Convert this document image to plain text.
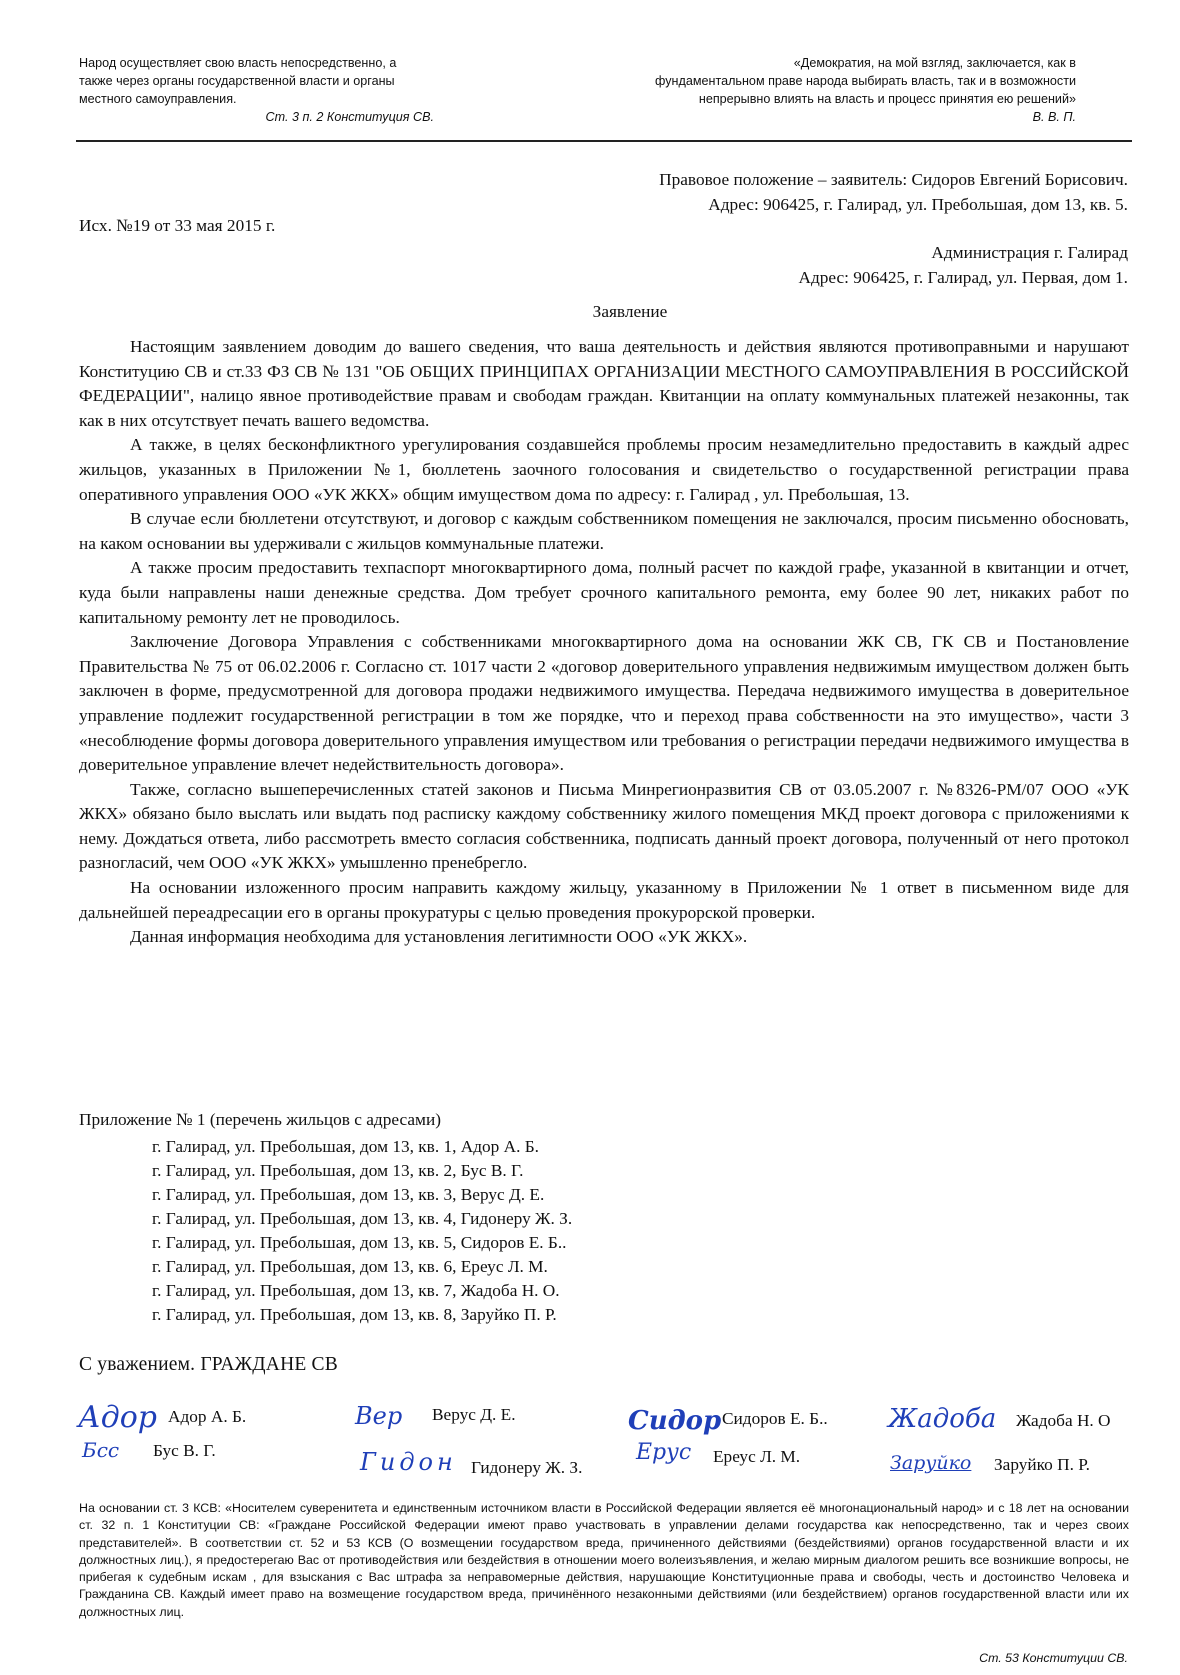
Народ осуществляет свою власть непосредственно, а
также через органы государственной власти и органы
местного самоуправления.
Ст. 3 п. 2 Конституция СВ.
«Демократия, на мой взгляд, заключается, как в
фундаментальном праве народа выбирать власть, так и в возможности
непрерывно влиять на власть и процесс принятия ею решений»
В. В. П.
Правовое положение – заявитель: Сидоров Евгений Борисович.
Адрес: 906425, г. Галирад, ул. Пребольшая, дом 13, кв. 5.
Исх. №19 от 33 мая 2015 г.
Администрация г. Галирад
Адрес: 906425, г. Галирад, ул. Первая, дом 1.
Заявление

Настоящим заявлением доводим до вашего сведения, что ваша деятельность и действия являются противоправными и нарушают Конституцию СВ и ст.33 ФЗ СВ № 131 "ОБ ОБЩИХ ПРИНЦИПАХ ОРГАНИЗАЦИИ МЕСТНОГО САМОУПРАВЛЕНИЯ В РОССИЙСКОЙ ФЕДЕРАЦИИ", налицо явное противодействие правам и свободам граждан. Квитанции на оплату коммунальных платежей незаконны, так как в них отсутствует печать вашего ведомства.

А также, в целях бесконфликтного урегулирования создавшейся проблемы просим незамедлительно предоставить в каждый адрес жильцов, указанных в Приложении №1, бюллетень заочного голосования и свидетельство о государственной регистрации права оперативного управления ООО «УК ЖКХ» общим имуществом дома по адресу: г. Галирад , ул. Пребольшая, 13.

В случае если бюллетени отсутствуют, и договор с каждым собственником помещения не заключался, просим письменно обосновать, на каком основании вы удерживали с жильцов коммунальные платежи.

А также просим предоставить техпаспорт многоквартирного дома, полный расчет по каждой графе, указанной в квитанции и отчет, куда были направлены наши денежные средства. Дом требует срочного капитального ремонта, ему более 90 лет, никаких работ по капитальному ремонту лет не проводилось.

Заключение Договора Управления с собственниками многоквартирного дома на основании ЖК СВ, ГК СВ и Постановление Правительства № 75 от 06.02.2006 г. Согласно ст. 1017 части 2 «договор доверительного управления недвижимым имуществом должен быть заключен в форме, предусмотренной для договора продажи недвижимого имущества. Передача недвижимого имущества в доверительное управление подлежит государственной регистрации в том же порядке, что и переход права собственности на это имущество», части 3 «несоблюдение формы договора доверительного управления имуществом или требования о регистрации передачи недвижимого имущества в доверительное управление влечет недействительность договора».

Также, согласно вышеперечисленных статей законов и Письма Минрегионразвития СВ от 03.05.2007 г. №8326-РМ/07 ООО «УК ЖКХ» обязано было выслать или выдать под расписку каждому собственнику жилого помещения МКД проект договора с приложениями к нему. Дождаться ответа, либо рассмотреть вместо согласия собственника, подписать данный проект договора, полученный от него протокол разногласий, чем ООО «УК ЖКХ» умышленно пренебрегло.

На основании изложенного просим направить каждому жильцу, указанному в Приложении № 1 ответ в письменном виде для дальнейшей переадресации его в органы прокуратуры с целью проведения прокурорской проверки.

Данная информация необходима для установления легитимности ООО «УК ЖКХ».

Приложение № 1 (перечень жильцов с адресами)
г. Галирад, ул. Пребольшая, дом 13, кв. 1, Адор А. Б.
г. Галирад, ул. Пребольшая, дом 13, кв. 2, Бус В. Г.
г. Галирад, ул. Пребольшая, дом 13, кв. 3, Верус Д. Е.
г. Галирад, ул. Пребольшая, дом 13, кв. 4, Гидонеру Ж. З.
г. Галирад, ул. Пребольшая, дом 13, кв. 5, Сидоров Е. Б..
г. Галирад, ул. Пребольшая, дом 13, кв. 6, Ереус Л. М.
г. Галирад, ул. Пребольшая, дом 13, кв. 7, Жадоба Н. О.
г. Галирад, ул. Пребольшая, дом 13, кв. 8, Заруйко П. Р.
С уважением. ГРАЖДАНЕ СВ
Адор Адор А. Б.
Бсс Бус В. Г.
Вер Верус Д. Е.
Гидон Гидонеру Ж. З.
Сидор Сидоров Е. Б..
Ерус Ереус Л. М.
Жадоба Жадоба Н. О
Заруйко Заруйко П. Р.
На основании ст. 3 КСВ: «Носителем суверенитета и единственным источником власти в Российской Федерации является её многонациональный народ» и с 18 лет на основании ст. 32 п. 1 Конституции СВ: «Граждане Российской Федерации имеют право участвовать в управлении делами государства как непосредственно, так и через своих представителей». В соответствии ст. 52 и 53 КСВ (О возмещении государством вреда, причиненного действиями (бездействиями) органов государственной власти и их должностных лиц.), я предостерегаю Вас от противодействия или бездействия в отношении моего волеизъявления, и желаю мирным диалогом решить все возникшие вопросы, не прибегая к судебным искам , для взыскания с Вас штрафа за неправомерные действия, нарушающие Конституционные права и свободы, честь и достоинство Человека и Гражданина СВ. Каждый имеет право на возмещение государством вреда, причинённого незаконными действиями (или бездействием) органов государственной власти или их должностных лиц.
Ст. 53 Конституции СВ.
